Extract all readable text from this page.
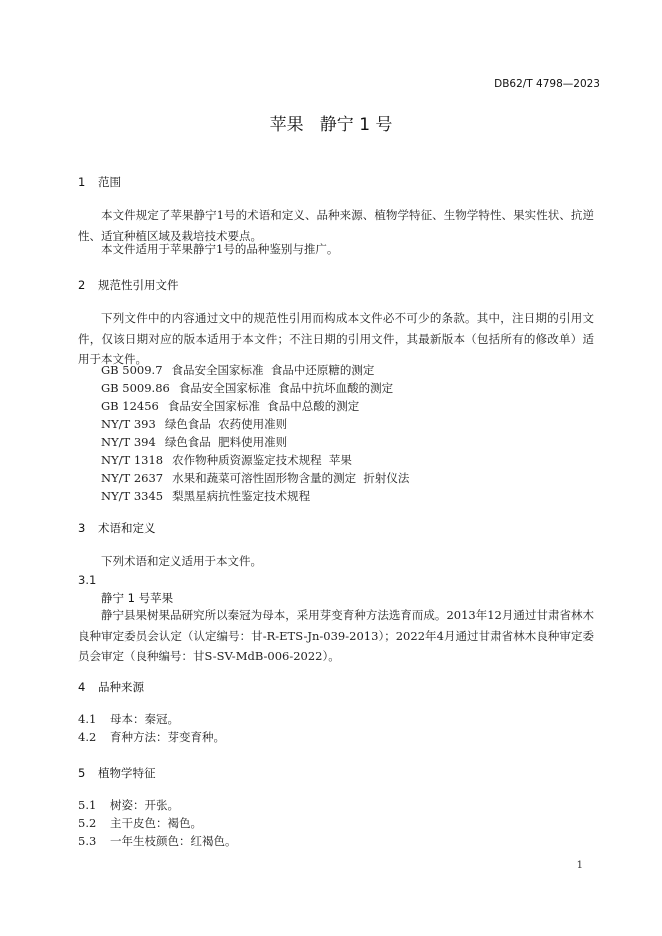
DB62/T 4798—2023
苹果   静宁 1 号
1 范围

本文件规定了苹果静宁1号的术语和定义、品种来源、植物学特征、生物学特性、果实性状、抗逆性、适宜种植区域及栽培技术要点。

本文件适用于苹果静宁1号的品种鉴别与推广。

2 规范性引用文件

下列文件中的内容通过文中的规范性引用而构成本文件必不可少的条款。其中，注日期的引用文件，仅该日期对应的版本适用于本文件；不注日期的引用文件，其最新版本（包括所有的修改单）适用于本文件。

GB 5009.7 食品安全国家标准  食品中还原糖的测定
GB 5009.86 食品安全国家标准  食品中抗坏血酸的测定
GB 12456 食品安全国家标准  食品中总酸的测定
NY/T 393 绿色食品  农药使用准则
NY/T 394 绿色食品  肥料使用准则
NY/T 1318 农作物种质资源鉴定技术规程  苹果
NY/T 2637 水果和蔬菜可溶性固形物含量的测定  折射仪法
NY/T 3345 梨黑星病抗性鉴定技术规程
3 术语和定义

下列术语和定义适用于本文件。

3.1
静宁 1 号苹果

静宁县果树果品研究所以秦冠为母本，采用芽变育种方法选育而成。2013年12月通过甘肃省林木良种审定委员会认定（认定编号：甘-R-ETS-Jn-039-2013）；2022年4月通过甘肃省林木良种审定委员会审定（良种编号：甘S-SV-MdB-006-2022）。

4 品种来源
4.1 母本：秦冠。
4.2 育种方法：芽变育种。
5 植物学特征
5.1 树姿：开张。
5.2 主干皮色：褐色。
5.3 一年生枝颜色：红褐色。
1
